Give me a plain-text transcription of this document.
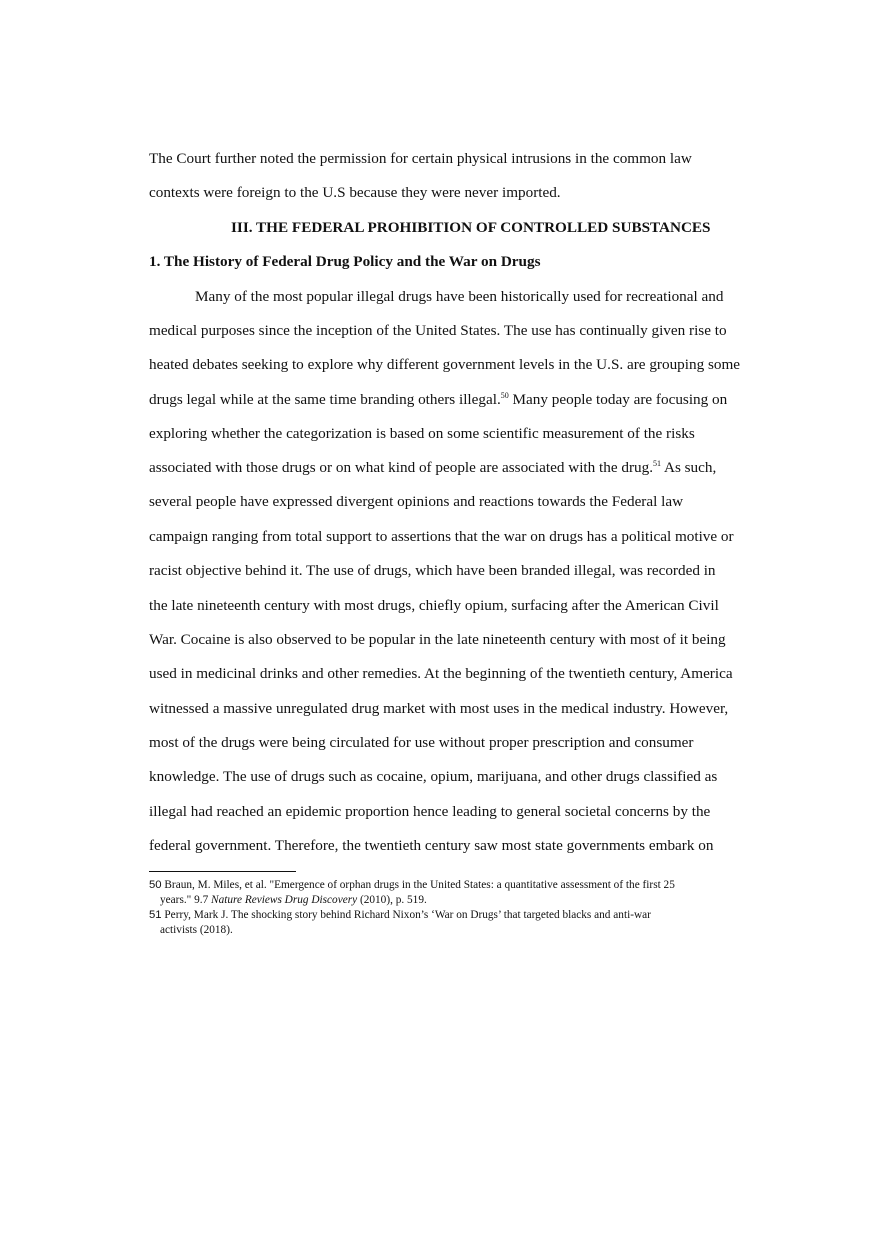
The Court further noted the permission for certain physical intrusions in the common law
contexts were foreign to the U.S because they were never imported.
III. THE FEDERAL PROHIBITION OF CONTROLLED SUBSTANCES
1. The History of Federal Drug Policy and the War on Drugs
Many of the most popular illegal drugs have been historically used for recreational and
medical purposes since the inception of the United States. The use has continually given rise to
heated debates seeking to explore why different government levels in the U.S. are grouping some
drugs legal while at the same time branding others illegal.$^{50}$ Many people today are focusing on
exploring whether the categorization is based on some scientific measurement of the risks
associated with those drugs or on what kind of people are associated with the drug.$^{51}$ As such,
several people have expressed divergent opinions and reactions towards the Federal law
campaign ranging from total support to assertions that the war on drugs has a political motive or
racist objective behind it. The use of drugs, which have been branded illegal, was recorded in
the late nineteenth century with most drugs, chiefly opium, surfacing after the American Civil
War. Cocaine is also observed to be popular in the late nineteenth century with most of it being
used in medicinal drinks and other remedies. At the beginning of the twentieth century, America
witnessed a massive unregulated drug market with most uses in the medical industry. However,
most of the drugs were being circulated for use without proper prescription and consumer
knowledge. The use of drugs such as cocaine, opium, marijuana, and other drugs classified as
illegal had reached an epidemic proportion hence leading to general societal concerns by the
federal government. Therefore, the twentieth century saw most state governments embark on
50 Braun, M. Miles, et al. "Emergence of orphan drugs in the United States: a quantitative assessment of the first 25
years." 9.7 Nature Reviews Drug Discovery (2010), p. 519.
51 Perry, Mark J. The shocking story behind Richard Nixon’s ‘War on Drugs’ that targeted blacks and anti-war
activists (2018).
